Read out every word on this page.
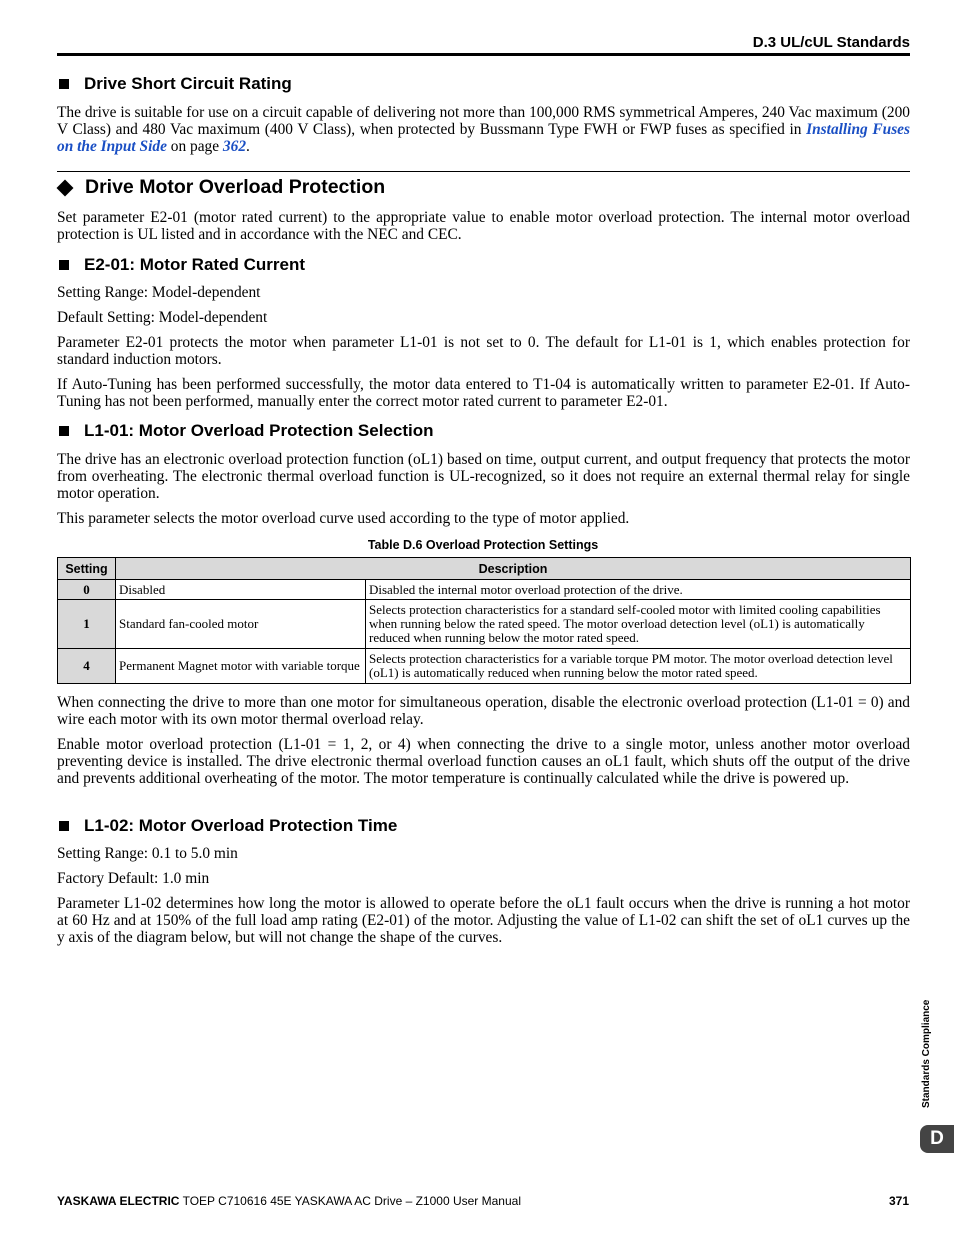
D.3 UL/cUL Standards
Drive Short Circuit Rating
The drive is suitable for use on a circuit capable of delivering not more than 100,000 RMS symmetrical Amperes, 240 Vac maximum (200 V Class) and 480 Vac maximum (400 V Class), when protected by Bussmann Type FWH or FWP fuses as specified in Installing Fuses on the Input Side on page 362.
Drive Motor Overload Protection
Set parameter E2-01 (motor rated current) to the appropriate value to enable motor overload protection. The internal motor overload protection is UL listed and in accordance with the NEC and CEC.
E2-01: Motor Rated Current
Setting Range: Model-dependent
Default Setting: Model-dependent
Parameter E2-01 protects the motor when parameter L1-01 is not set to 0. The default for L1-01 is 1, which enables protection for standard induction motors.
If Auto-Tuning has been performed successfully, the motor data entered to T1-04 is automatically written to parameter E2-01. If Auto-Tuning has not been performed, manually enter the correct motor rated current to parameter E2-01.
L1-01: Motor Overload Protection Selection
The drive has an electronic overload protection function (oL1) based on time, output current, and output frequency that protects the motor from overheating. The electronic thermal overload function is UL-recognized, so it does not require an external thermal relay for single motor operation.
This parameter selects the motor overload curve used according to the type of motor applied.
Table D.6 Overload Protection Settings
Setting	Description	
0	Disabled	Disabled the internal motor overload protection of the drive.
1	Standard fan-cooled motor	Selects protection characteristics for a standard self-cooled motor with limited cooling capabilities when running below the rated speed. The motor overload detection level (oL1) is automatically reduced when running below the motor rated speed.
4	Permanent Magnet motor with variable torque	Selects protection characteristics for a variable torque PM motor. The motor overload detection level (oL1) is automatically reduced when running below the motor rated speed.
When connecting the drive to more than one motor for simultaneous operation, disable the electronic overload protection (L1-01 = 0) and wire each motor with its own motor thermal overload relay.
Enable motor overload protection (L1-01 = 1, 2, or 4) when connecting the drive to a single motor, unless another motor overload preventing device is installed. The drive electronic thermal overload function causes an oL1 fault, which shuts off the output of the drive and prevents additional overheating of the motor. The motor temperature is continually calculated while the drive is powered up.
L1-02: Motor Overload Protection Time
Setting Range: 0.1 to 5.0 min
Factory Default: 1.0 min
Parameter L1-02 determines how long the motor is allowed to operate before the oL1 fault occurs when the drive is running a hot motor at 60 Hz and at 150% of the full load amp rating (E2-01) of the motor. Adjusting the value of L1-02 can shift the set of oL1 curves up the y axis of the diagram below, but will not change the shape of the curves.
Standards Compliance
D
YASKAWA ELECTRIC TOEP C710616 45E YASKAWA AC Drive – Z1000 User Manual	371
